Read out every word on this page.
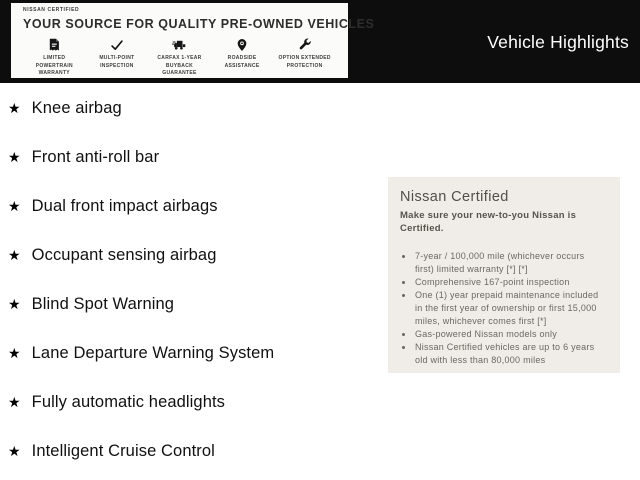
NISSAN CERTIFIED
YOUR SOURCE FOR QUALITY PRE-OWNED VEHICLES
LIMITED POWERTRAIN WARRANTY
MULTI-POINT INSPECTION
CARFAX 1-YEAR BUYBACK GUARANTEE
ROADSIDE ASSISTANCE
OPTION EXTENDED PROTECTION
Vehicle Highlights
★ Knee airbag
★ Front anti-roll bar
★ Dual front impact airbags
★ Occupant sensing airbag
★ Blind Spot Warning
★ Lane Departure Warning System
★ Fully automatic headlights
★ Intelligent Cruise Control
Nissan Certified
Make sure your new-to-you Nissan is Certified.
• 7-year / 100,000 mile (whichever occurs first) limited warranty [*] [*]
• Comprehensive 167-point inspection
• One (1) year prepaid maintenance included in the first year of ownership or first 15,000 miles, whichever comes first [*]
• Gas-powered Nissan models only
• Nissan Certified vehicles are up to 6 years old with less than 80,000 miles
